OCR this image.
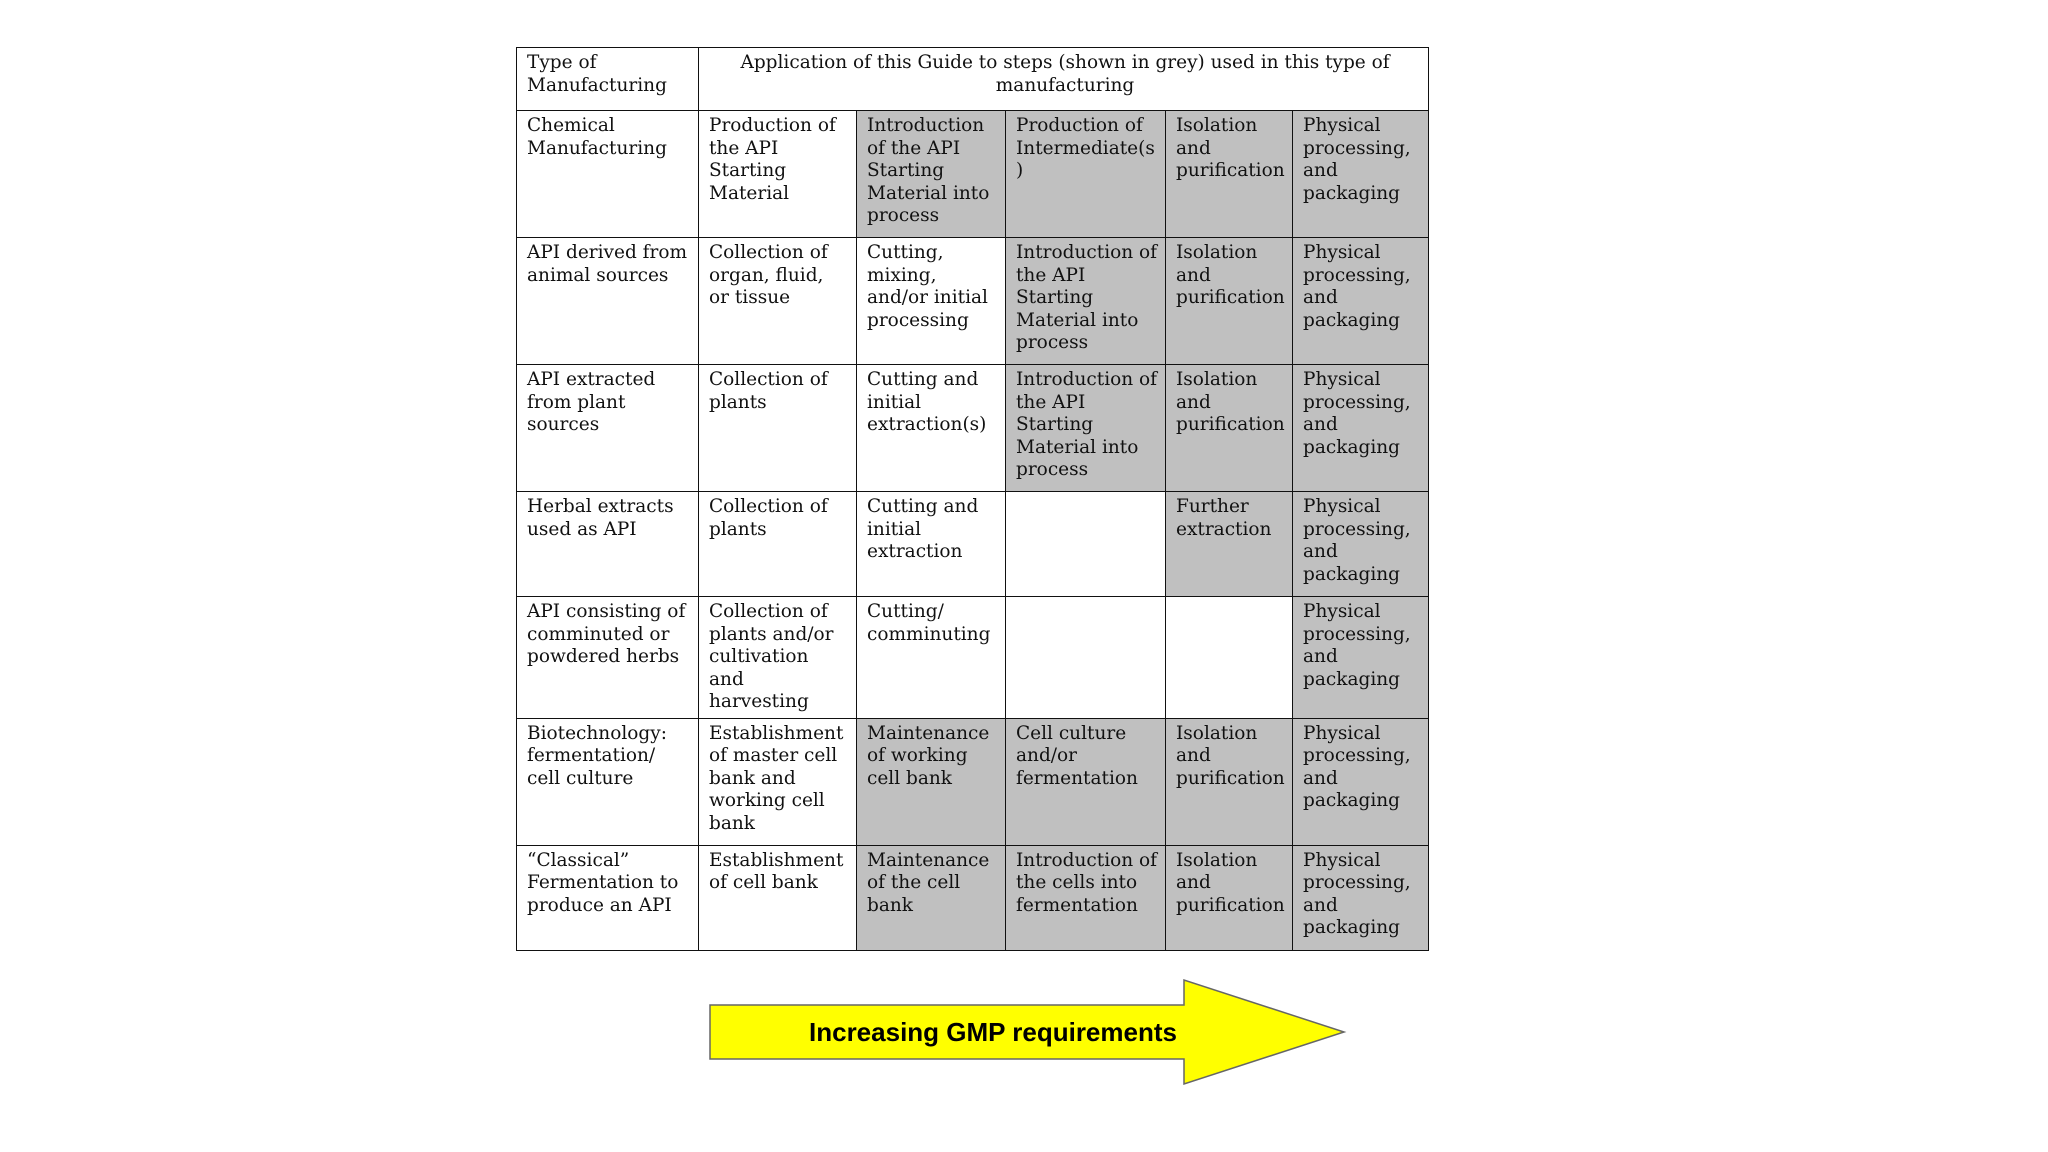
Type of Manufacturing	Application of this Guide to steps (shown in grey) used in this type of manufacturing				
Chemical Manufacturing	Production of the API Starting Material	Introduction of the API Starting Material into process	Production of Intermediate(s)	Isolation and purification	Physical processing, and packaging
API derived from animal sources	Collection of organ, fluid, or tissue	Cutting, mixing, and/or initial processing	Introduction of the API Starting Material into process	Isolation and purification	Physical processing, and packaging
API extracted from plant sources	Collection of plants	Cutting and initial extraction(s)	Introduction of the API Starting Material into process	Isolation and purification	Physical processing, and packaging
Herbal extracts used as API	Collection of plants	Cutting and initial extraction		Further extraction	Physical processing, and packaging
API consisting of comminuted or powdered herbs	Collection of plants and/or cultivation and harvesting	Cutting/ comminuting			Physical processing, and packaging
Biotechnology: fermentation/ cell culture	Establishment of master cell bank and working cell bank	Maintenance of working cell bank	Cell culture and/or fermentation	Isolation and purification	Physical processing, and packaging
“Classical” Fermentation to produce an API	Establishment of cell bank	Maintenance of the cell bank	Introduction of the cells into fermentation	Isolation and purification	Physical processing, and packaging
Increasing GMP requirements
